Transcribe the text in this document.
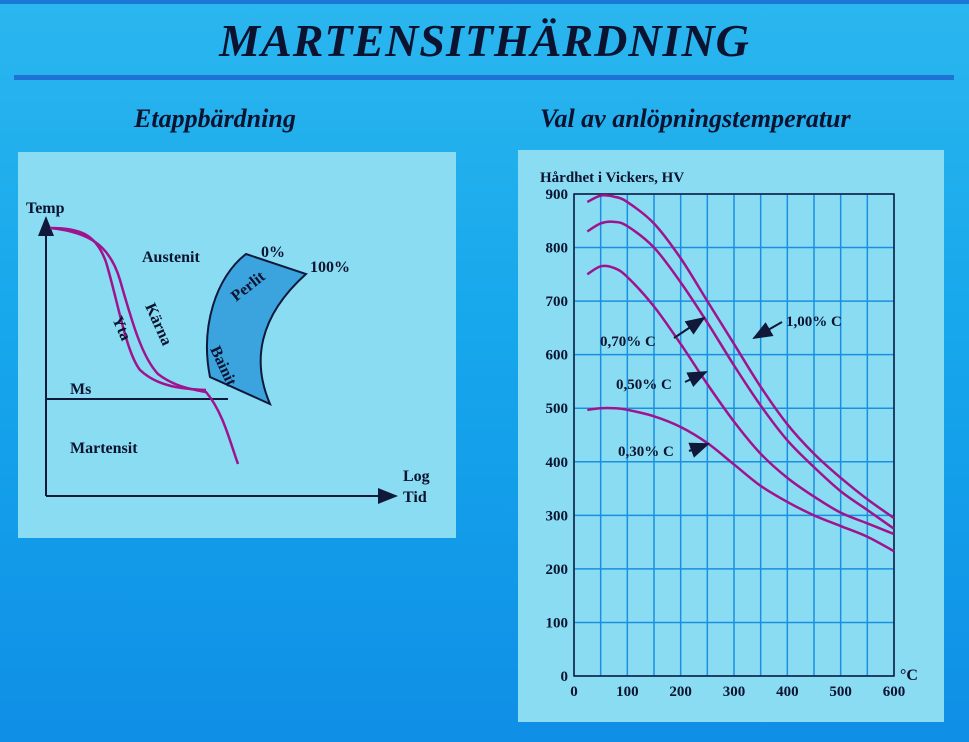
MARTENSITHÄRDNING
Etappbärdning	Val av anlöpningstemperatur
Temp
Austenit	0%
100%
Perlit
Kärna
Yta
Bainit
Ms
Martensit
Log
Tid
Hårdhet i Vickers, HV
°C
0
100
200
300
400
500
600
700
800
900
0	100 200 300 400 500 600
1,00% C
0,70% C
0,50% C
0,30% C
